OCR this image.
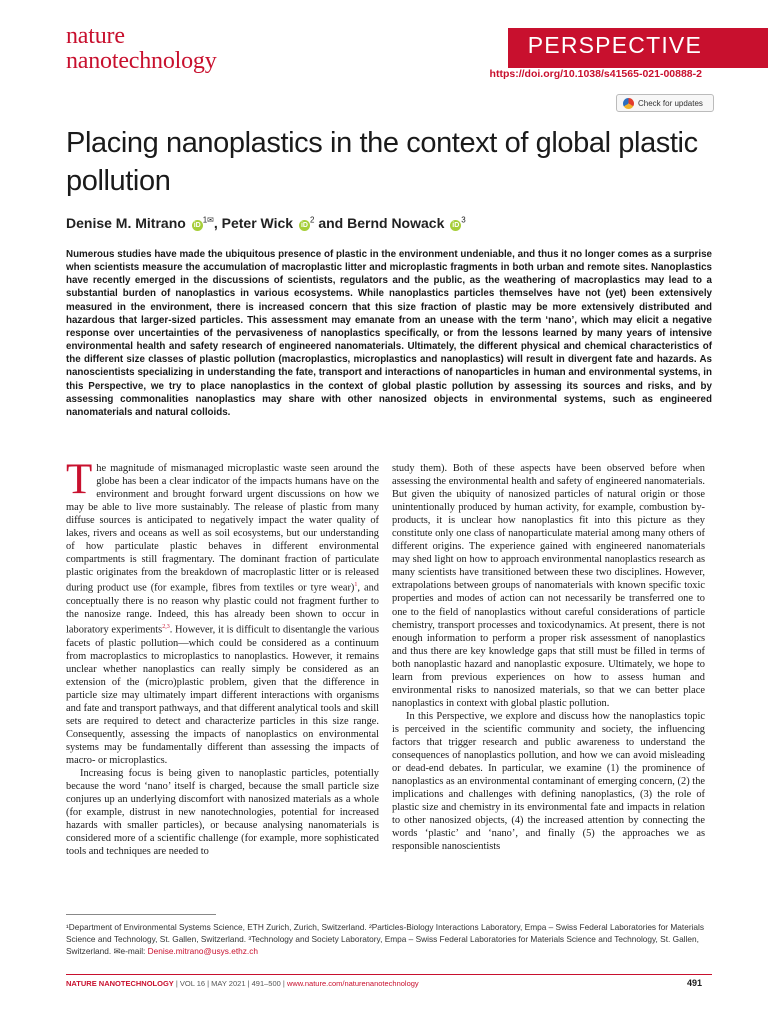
nature
nanotechnology
PERSPECTIVE
https://doi.org/10.1038/s41565-021-00888-2
Check for updates
Placing nanoplastics in the context of global plastic pollution
Denise M. Mitrano $iD^{1✉}$, Peter Wick $iD^2$ and Bernd Nowack $iD^3$
Numerous studies have made the ubiquitous presence of plastic in the environment undeniable, and thus it no longer comes as a surprise when scientists measure the accumulation of macroplastic litter and microplastic fragments in both urban and remote sites. Nanoplastics have recently emerged in the discussions of scientists, regulators and the public, as the weathering of macroplastics may lead to a substantial burden of nanoplastics in various ecosystems. While nanoplastics particles themselves have not (yet) been extensively measured in the environment, there is increased concern that this size fraction of plastic may be more extensively distributed and hazardous that larger-sized particles. This assessment may emanate from an unease with the term ‘nano’, which may elicit a negative response over uncertainties of the pervasiveness of nanoplastics specifically, or from the lessons learned by many years of intensive environmental health and safety research of engineered nanomaterials. Ultimately, the different physical and chemical characteristics of the different size classes of plastic pollution (macroplastics, microplastics and nanoplastics) will result in divergent fate and hazards. As nanoscientists specializing in understanding the fate, transport and interactions of nanoparticles in human and environmental systems, in this Perspective, we try to place nanoplastics in the context of global plastic pollution by assessing its sources and risks, and by assessing commonalities nanoplastics may share with other nanosized objects in environmental systems, such as engineered nanomaterials and natural colloids.

The magnitude of mismanaged microplastic waste seen around the globe has been a clear indicator of the impacts humans have on the environment and brought forward urgent discussions on how we may be able to live more sustainably. The release of plastic from many diffuse sources is anticipated to negatively impact the water quality of lakes, rivers and oceans as well as soil ecosystems, but our understanding of how particulate plastic behaves in different environmental compartments is still fragmentary. The dominant fraction of particulate plastic originates from the breakdown of macroplastic litter or is released during product use (for example, fibres from textiles or tyre wear)$^1$, and conceptually there is no reason why plastic could not fragment further to the nanosize range. Indeed, this has already been shown to occur in laboratory experiments$^{2,3}$. However, it is difficult to disentangle the various facets of plastic pollution—which could be considered as a continuum from macroplastics to microplastics to nanoplastics. However, it remains unclear whether nanoplastics can really simply be considered as an extension of the (micro)plastic problem, given that the difference in particle size may ultimately impart different interactions with organisms and fate and transport pathways, and that different analytical tools and skill sets are required to detect and characterize particles in this size range. Consequently, assessing the impacts of nanoplastics on environmental systems may be fundamentally different than assessing the impacts of macro- or microplastics.

Increasing focus is being given to nanoplastic particles, potentially because the word ‘nano’ itself is charged, because the small particle size conjures up an underlying discomfort with nanosized materials as a whole (for example, distrust in new nanotechnologies, potential for increased hazards with smaller particles), or because analysing nanomaterials is considered more of a scientific challenge (for example, more sophisticated tools and techniques are needed to

study them). Both of these aspects have been observed before when assessing the environmental health and safety of engineered nanomaterials. But given the ubiquity of nanosized particles of natural origin or those unintentionally produced by human activity, for example, combustion by-products, it is unclear how nanoplastics fit into this picture as they constitute only one class of nanoparticulate material among many others of different origins. The experience gained with engineered nanomaterials may shed light on how to approach environmental nanoplastics research as many scientists have transitioned between these two disciplines. However, extrapolations between groups of nanomaterials with known specific toxic properties and modes of action can not necessarily be transferred one to one to the field of nanoplastics without careful considerations of particle chemistry, transport processes and toxicodynamics. At present, there is not enough information to perform a proper risk assessment of nanoplastics and thus there are key knowledge gaps that still must be filled in terms of both nanoplastic hazard and nanoplastic exposure. Ultimately, we hope to learn from previous experiences on how to assess human and environmental risks to nanosized materials, so that we can better place nanoplastics in context with global plastic pollution.

In this Perspective, we explore and discuss how the nanoplastics topic is perceived in the scientific community and society, the influencing factors that trigger research and public awareness to understand the consequences of nanoplastics pollution, and how we can avoid misleading or dead-end debates. In particular, we examine (1) the prominence of nanoplastics as an environmental contaminant of emerging concern, (2) the implications and challenges with defining nanoplastics, (3) the role of plastic size and chemistry in its environmental fate and impacts in relation to other nanosized objects, (4) the increased attention by connecting the words ‘plastic’ and ‘nano’, and finally (5) the approaches we as responsible nanoscientists

¹Department of Environmental Systems Science, ETH Zurich, Zurich, Switzerland. ²Particles-Biology Interactions Laboratory, Empa – Swiss Federal Laboratories for Materials Science and Technology, St. Gallen, Switzerland. ³Technology and Society Laboratory, Empa – Swiss Federal Laboratories for Materials Science and Technology, St. Gallen, Switzerland. ✉e-mail: Denise.mitrano@usys.ethz.ch
NATURE NANOTECHNOLOGY | VOL 16 | MAY 2021 | 491–500 | www.nature.com/naturenanotechnology	491
